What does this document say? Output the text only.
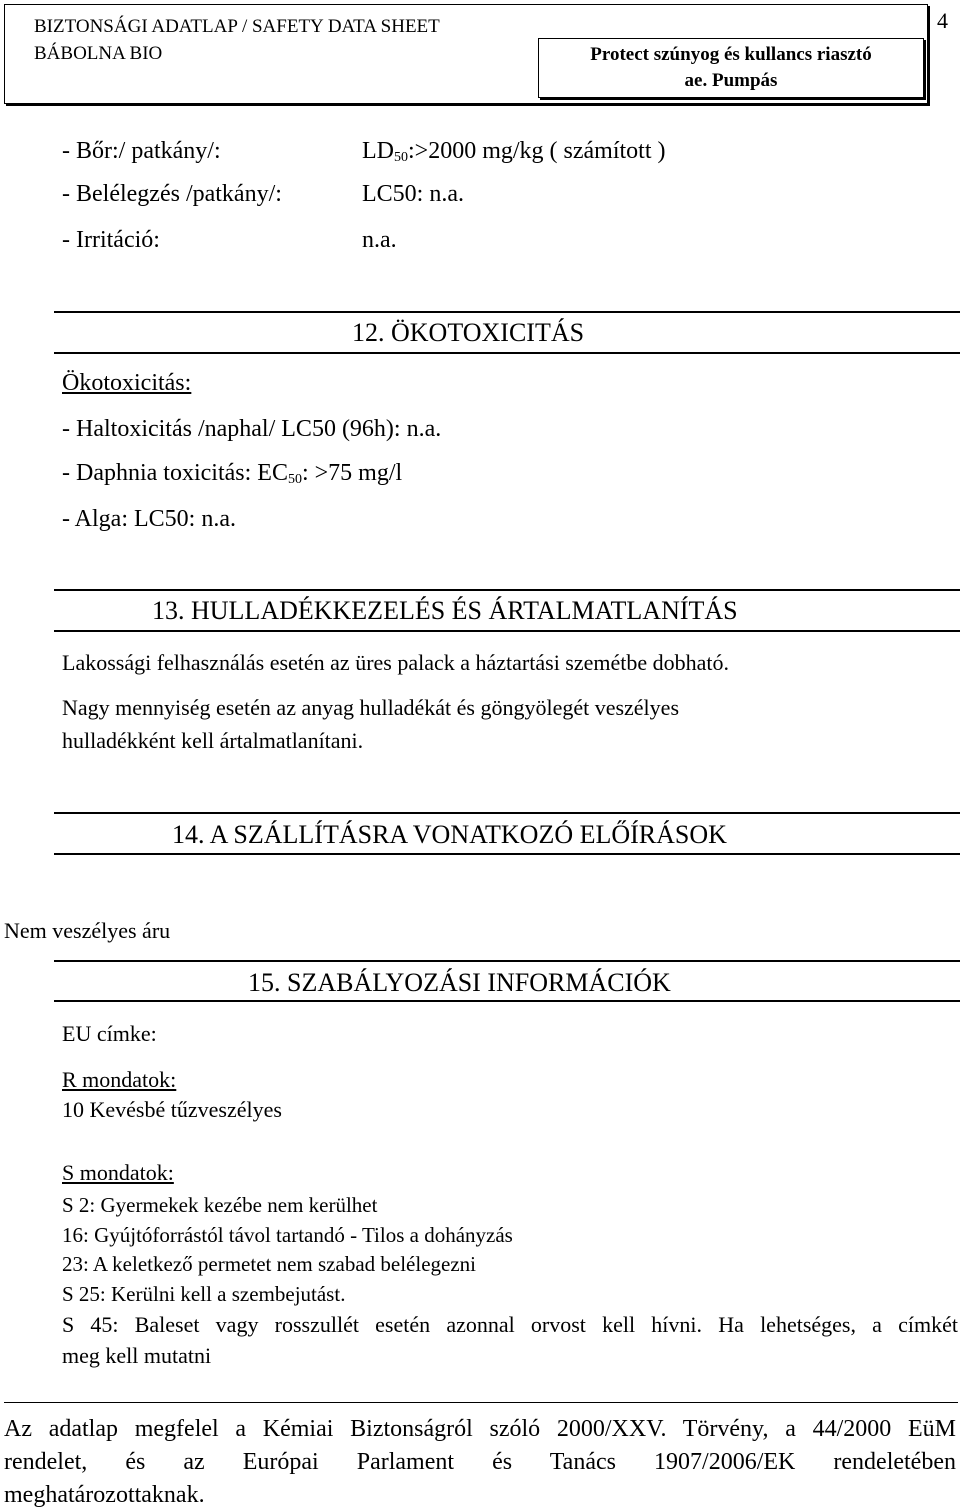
BIZTONSÁGI ADATLAP / SAFETY DATA SHEET
BÁBOLNA BIO	Protect szúnyog és kullancs riasztó
ae. Pumpás
4
- Bőr:/ patkány/:	$LD_{50}:>2000$ mg/kg ( számított )
- Belélegzés /patkány/:	LC50: n.a.
- Irritáció:	n.a.
12. ÖKOTOXICITÁS
Ökotoxicitás:
- Haltoxicitás /naphal/ LC50 (96h): n.a.
- Daphnia toxicitás: $EC_{50}$: >75 mg/l
- Alga: LC50: n.a.
13. HULLADÉKKEZELÉS ÉS ÁRTALMATLANÍTÁS
Lakossági felhasználás esetén az üres palack a háztartási szemétbe dobható.
Nagy mennyiség esetén az anyag hulladékát és göngyölegét veszélyes
hulladékként kell ártalmatlanítani.
14. A SZÁLLÍTÁSRA VONATKOZÓ ELŐÍRÁSOK
Nem veszélyes áru
15. SZABÁLYOZÁSI INFORMÁCIÓK
EU címke:
R mondatok:
10 Kevésbé tűzveszélyes
S mondatok:
S 2: Gyermekek kezébe nem kerülhet
16: Gyújtóforrástól távol tartandó - Tilos a dohányzás
23: A keletkező permetet nem szabad belélegezni
S 25: Kerülni kell a szembejutást.
S 45: Baleset vagy rosszullét esetén azonnal orvost kell hívni. Ha lehetséges, a címkét
meg kell mutatni
Az adatlap megfelel a Kémiai Biztonságról szóló 2000/XXV. Törvény, a 44/2000 EüM
rendelet, és az Európai Parlament és Tanács 1907/2006/EK rendeletében
meghatározottaknak.
